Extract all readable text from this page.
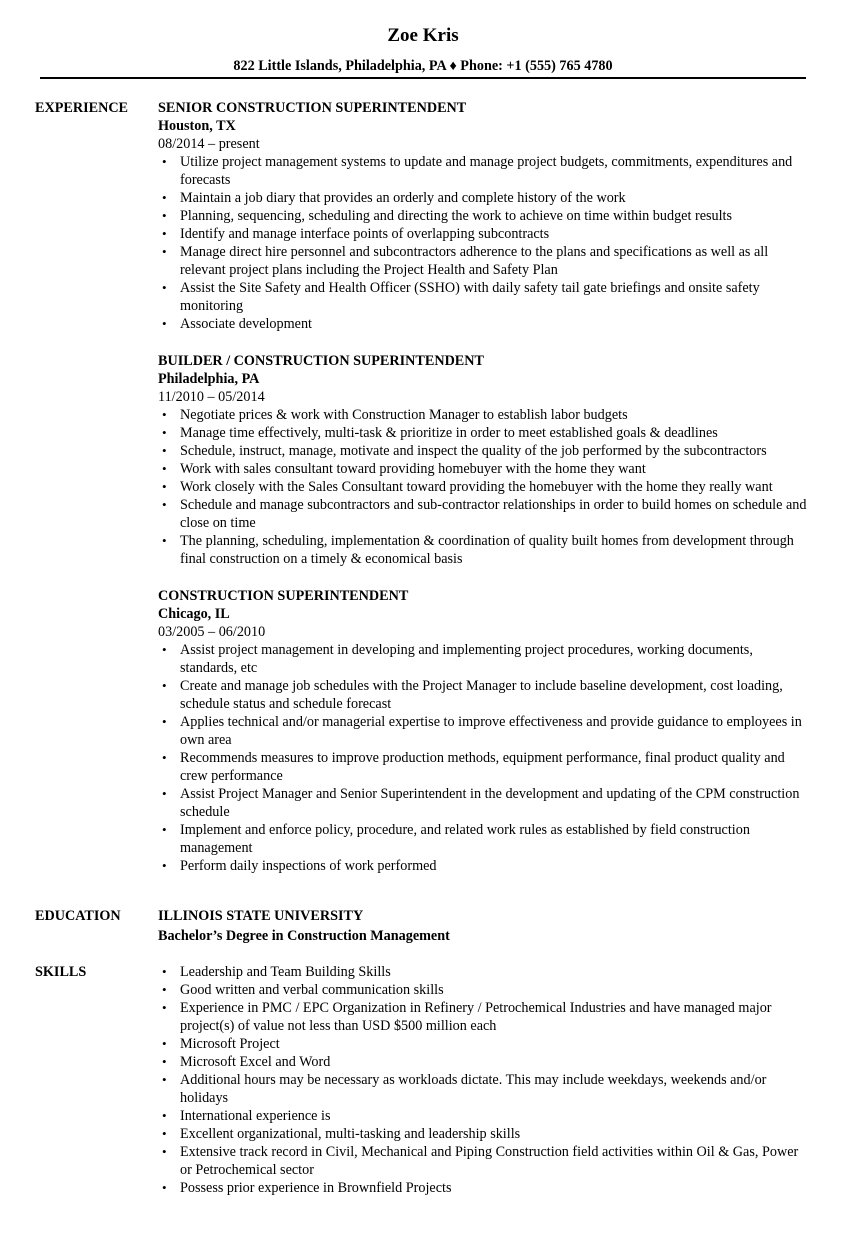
Zoe Kris
822 Little Islands, Philadelphia, PA ♦ Phone: +1 (555) 765 4780
EXPERIENCE SENIOR CONSTRUCTION SUPERINTENDENT
Houston, TX
08/2014 – present
• Utilize project management systems to update and manage project budgets, commitments, expenditures and forecasts
• Maintain a job diary that provides an orderly and complete history of the work
• Planning, sequencing, scheduling and directing the work to achieve on time within budget results
• Identify and manage interface points of overlapping subcontracts
• Manage direct hire personnel and subcontractors adherence to the plans and specifications as well as all relevant project plans including the Project Health and Safety Plan
• Assist the Site Safety and Health Officer (SSHO) with daily safety tail gate briefings and onsite safety monitoring
• Associate development
BUILDER / CONSTRUCTION SUPERINTENDENT
Philadelphia, PA
11/2010 – 05/2014
• Negotiate prices & work with Construction Manager to establish labor budgets
• Manage time effectively, multi-task & prioritize in order to meet established goals & deadlines
• Schedule, instruct, manage, motivate and inspect the quality of the job performed by the subcontractors
• Work with sales consultant toward providing homebuyer with the home they want
• Work closely with the Sales Consultant toward providing the homebuyer with the home they really want
• Schedule and manage subcontractors and sub-contractor relationships in order to build homes on schedule and close on time
• The planning, scheduling, implementation & coordination of quality built homes from development through final construction on a timely & economical basis
CONSTRUCTION SUPERINTENDENT
Chicago, IL
03/2005 – 06/2010
• Assist project management in developing and implementing project procedures, working documents, standards, etc
• Create and manage job schedules with the Project Manager to include baseline development, cost loading, schedule status and schedule forecast
• Applies technical and/or managerial expertise to improve effectiveness and provide guidance to employees in own area
• Recommends measures to improve production methods, equipment performance, final product quality and crew performance
• Assist Project Manager and Senior Superintendent in the development and updating of the CPM construction schedule
• Implement and enforce policy, procedure, and related work rules as established by field construction management
• Perform daily inspections of work performed
EDUCATION	ILLINOIS STATE UNIVERSITY
Bachelor’s Degree in Construction Management
SKILLS
•	Leadership and Team Building Skills
• Good written and verbal communication skills
• Experience in PMC / EPC Organization in Refinery / Petrochemical Industries and have managed major project(s) of value not less than USD $500 million each
• Microsoft Project
• Microsoft Excel and Word
• Additional hours may be necessary as workloads dictate. This may include weekdays, weekends and/or holidays
• International experience is
• Excellent organizational, multi-tasking and leadership skills
• Extensive track record in Civil, Mechanical and Piping Construction field activities within Oil & Gas, Power or Petrochemical sector
• Possess prior experience in Brownfield Projects
